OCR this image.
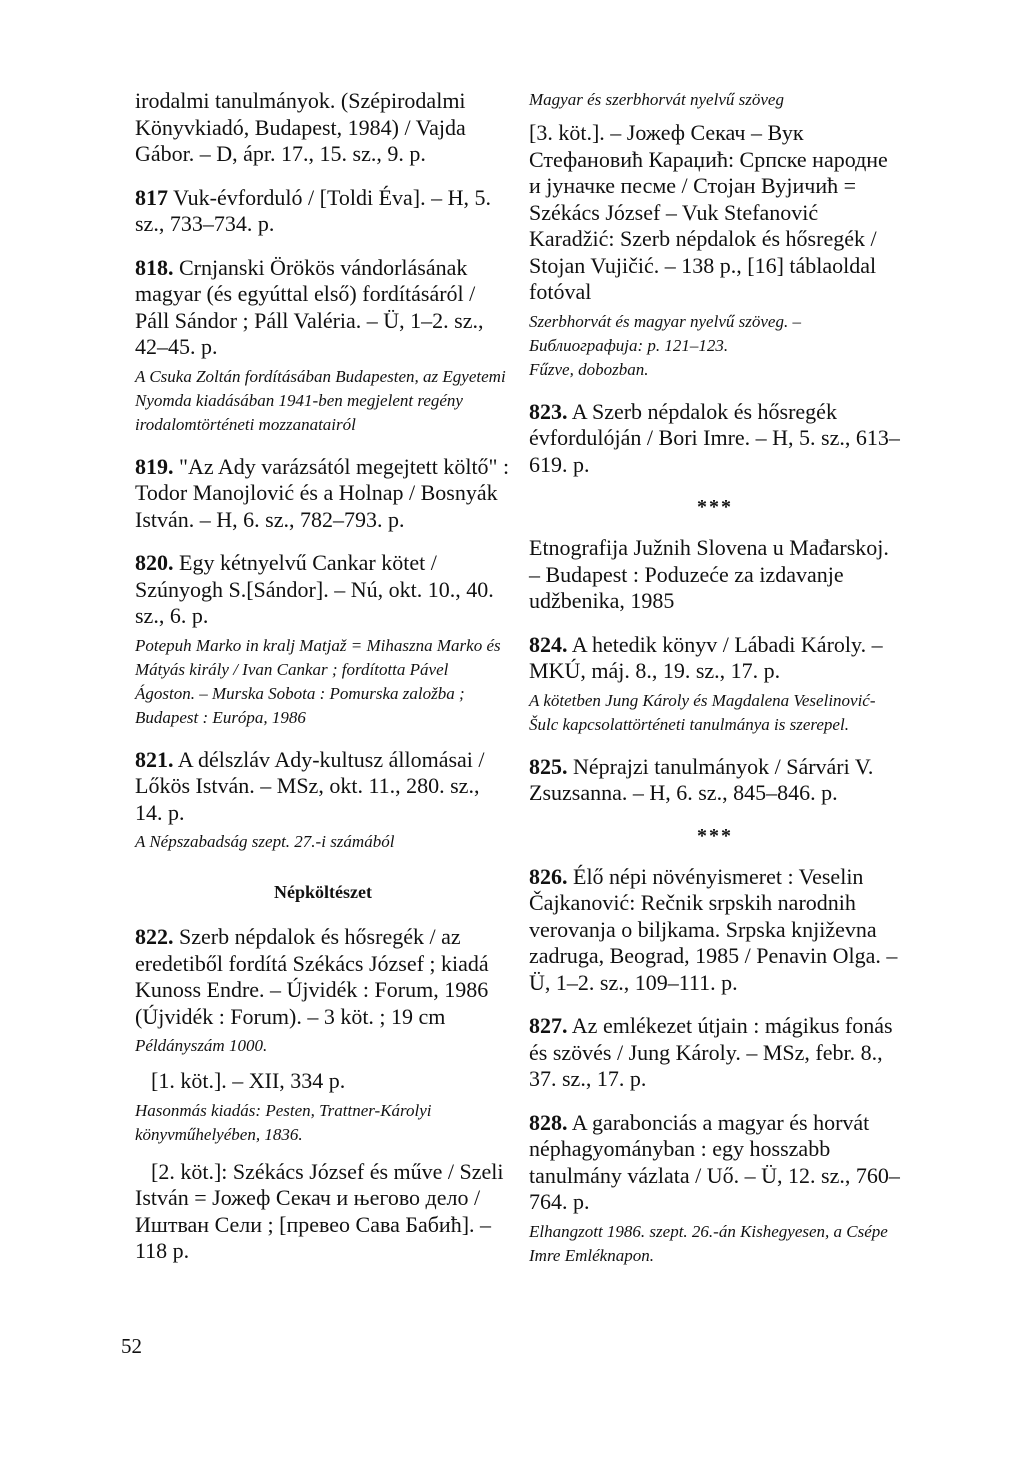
irodalmi tanulmányok. (Szépirodalmi Könyvkiadó, Budapest, 1984) / Vajda Gábor. – D, ápr. 17., 15. sz., 9. p.

817 Vuk-évforduló / [Toldi Éva]. – H, 5. sz., 733–734. p.

818. Crnjanski Örökös vándorlásának magyar (és egyúttal első) fordításáról / Páll Sándor ; Páll Valéria. – Ü, 1–2. sz., 42–45. p.

A Csuka Zoltán fordításában Budapesten, az Egyetemi Nyomda kiadásában 1941-ben megjelent regény irodalomtörténeti mozzanatairól

819. "Az Ady varázsától megejtett költő" : Todor Manojlović és a Holnap / Bosnyák István. – H, 6. sz., 782–793. p.

820. Egy kétnyelvű Cankar kötet / Szúnyogh S.[Sándor]. – Nú, okt. 10., 40. sz., 6. p.

Potepuh Marko in kralj Matjaž = Mihaszna Marko és Mátyás király / Ivan Cankar ; fordította Pável Ágoston. – Murska Sobota : Pomurska založba ; Budapest : Európa, 1986

821. A délszláv Ady-kultusz állomásai / Lőkös István. – MSz, okt. 11., 280. sz., 14. p.

A Népszabadság szept. 27.-i számából

Népköltészet

822. Szerb népdalok és hősregék / az eredetiből fordítá Székács József ; kiadá Kunoss Endre. – Újvidék : Forum, 1986 (Újvidék : Forum). – 3 köt. ; 19 cm

Példányszám 1000.

[1. köt.]. – XII, 334 p.

Hasonmás kiadás: Pesten, Trattner-Károlyi könyvműhelyében, 1836.

[2. köt.]: Székács József és műve / Szeli István = Јожеф Секач и његово дело / Иштван Сели ; [превео Сава Бабић]. – 118 p.

Magyar és szerbhorvát nyelvű szöveg

[3. köt.]. – Јожеф Секач – Вук Стефановић Караџић: Српске народне и јуначке песме / Стојан Вујичић = Székács József – Vuk Stefanović Karadžić: Szerb népdalok és hősregék / Stojan Vujičić. – 138 p., [16] táblaoldal fotóval

Szerbhorvát és magyar nyelvű szöveg. – Библиографија: p. 121–123.

Fűzve, dobozban.

823. A Szerb népdalok és hősregék évfordulóján / Bori Imre. – H, 5. sz., 613–619. p.

***

Etnografija Južnih Slovena u Mađarskoj. – Budapest : Poduzeće za izdavanje udžbenika, 1985

824. A hetedik könyv / Lábadi Károly. – MKÚ, máj. 8., 19. sz., 17. p.

A kötetben Jung Károly és Magdalena Veselinović-Šulc kapcsolattörténeti tanulmánya is szerepel.

825. Néprajzi tanulmányok / Sárvári V. Zsuzsanna. – H, 6. sz., 845–846. p.

***

826. Élő népi növényismeret : Veselin Čajkanović: Rečnik srpskih narodnih verovanja o biljkama. Srpska književna zadruga, Beograd, 1985 / Penavin Olga. – Ü, 1–2. sz., 109–111. p.

827. Az emlékezet útjain : mágikus fonás és szövés / Jung Károly. – MSz, febr. 8., 37. sz., 17. p.

828. A garabonciás a magyar és horvát néphagyományban : egy hosszabb tanulmány vázlata / Uő. – Ü, 12. sz., 760–764. p.

Elhangzott 1986. szept. 26.-án Kishegyesen, a Csépe Imre Emléknapon.

52
